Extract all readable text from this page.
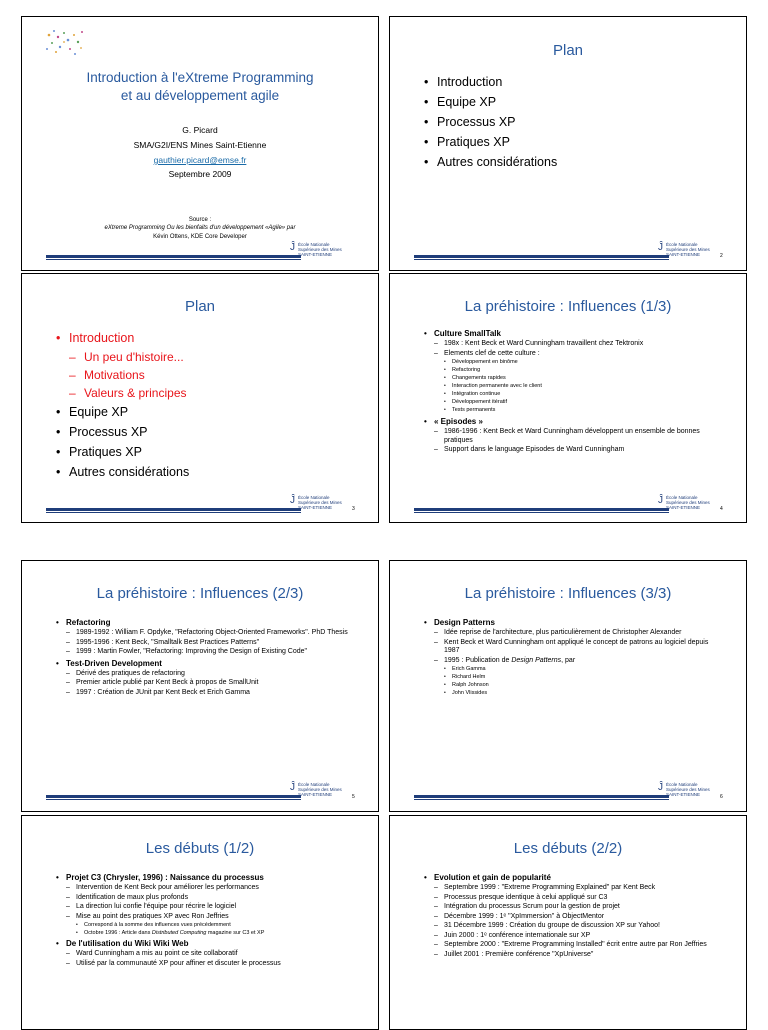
Introduction à l'eXtreme Programming
et au développement agile
G. Picard
SMA/G2I/ENS Mines Saint-Etienne
gauthier.picard@emse.fr
Septembre 2009
Source :
eXtreme Programming Ou les bienfaits d'un développement «Agile» par
Kévin Ottens, KDE Core Developer
Ĵ École Nationale
Supérieure des Mines
SAINT-ETIENNE
Plan
• Introduction
• Equipe XP
• Processus XP
• Pratiques XP
• Autres considérations
Ĵ École Nationale
Supérieure des Mines
SAINT-ETIENNE	2
Plan
• Introduction
– Un peu d'histoire...
– Motivations
– Valeurs & principes
• Equipe XP
• Processus XP
• Pratiques XP
• Autres considérations
Ĵ École Nationale
Supérieure des Mines
SAINT-ETIENNE	3
La préhistoire : Influences (1/3)
• Culture SmallTalk
– 198x : Kent Beck et Ward Cunningham travaillent chez Tektronix
– Elements clef de cette culture :
• Développement en binôme
• Refactoring
• Changements rapides
• Interaction permanente avec le client
• Intégration continue
• Développement itératif
• Tests permanents
• « Episodes »
– 1986-1996 : Kent Beck et Ward Cunningham développent un ensemble de bonnes pratiques
– Support dans le language Episodes de Ward Cunningham
Ĵ École Nationale
Supérieure des Mines
SAINT-ETIENNE	4
La préhistoire : Influences (2/3)
• Refactoring
– 1989-1992 : William F. Opdyke, "Refactoring Object-Oriented Frameworks". PhD Thesis
– 1995-1996 : Kent Beck, "Smalltalk Best Practices Patterns"
– 1999 : Martin Fowler, "Refactoring: Improving the Design of Existing Code"
• Test-Driven Development
– Dérivé des pratiques de refactoring
– Premier article publié par Kent Beck à propos de SmallUnit
– 1997 : Création de JUnit par Kent Beck et Erich Gamma
Ĵ École Nationale
Supérieure des Mines
SAINT-ETIENNE	5
La préhistoire : Influences (3/3)
• Design Patterns
– Idée reprise de l'architecture, plus particulièrement de Christopher Alexander
– Kent Beck et Ward Cunningham ont appliqué le concept de patrons au logiciel depuis 1987
– 1995 : Publication de Design Patterns, par
• Erich Gamma
• Richard Helm
• Ralph Johnson
• John Vlissides
Ĵ École Nationale
Supérieure des Mines
SAINT-ETIENNE	6
Les débuts (1/2)
• Projet C3 (Chrysler, 1996) : Naissance du processus
– Intervention de Kent Beck pour améliorer les performances
– Identification de maux plus profonds
– La direction lui confie l'équipe pour récrire le logiciel
– Mise au point des pratiques XP avec Ron Jeffries
• Correspond à la somme des influences vues précédemment
• Octobre 1996 : Article dans Distributed Computing magazine sur C3 et XP
• De l'utilisation du Wiki Wiki Web
– Ward Cunningham a mis au point ce site collaboratif
– Utilisé par la communauté XP pour affiner et discuter le processus
Les débuts (2/2)
• Evolution et gain de popularité
– Septembre 1999 : "Extreme Programming Explained" par Kent Beck
– Processus presque identique à celui appliqué sur C3
– Intégration du processus Scrum pour la gestion de projet
– Décembre 1999 : 1ᵉ "XpImmersion" à ObjectMentor
– 31 Décembre 1999 : Création du groupe de discussion XP sur Yahoo!
– Juin 2000 : 1ᵉ conférence internationale sur XP
– Septembre 2000 : "Extreme Programming Installed" écrit entre autre par Ron Jeffries
– Juillet 2001 : Première conférence "XpUniverse"
